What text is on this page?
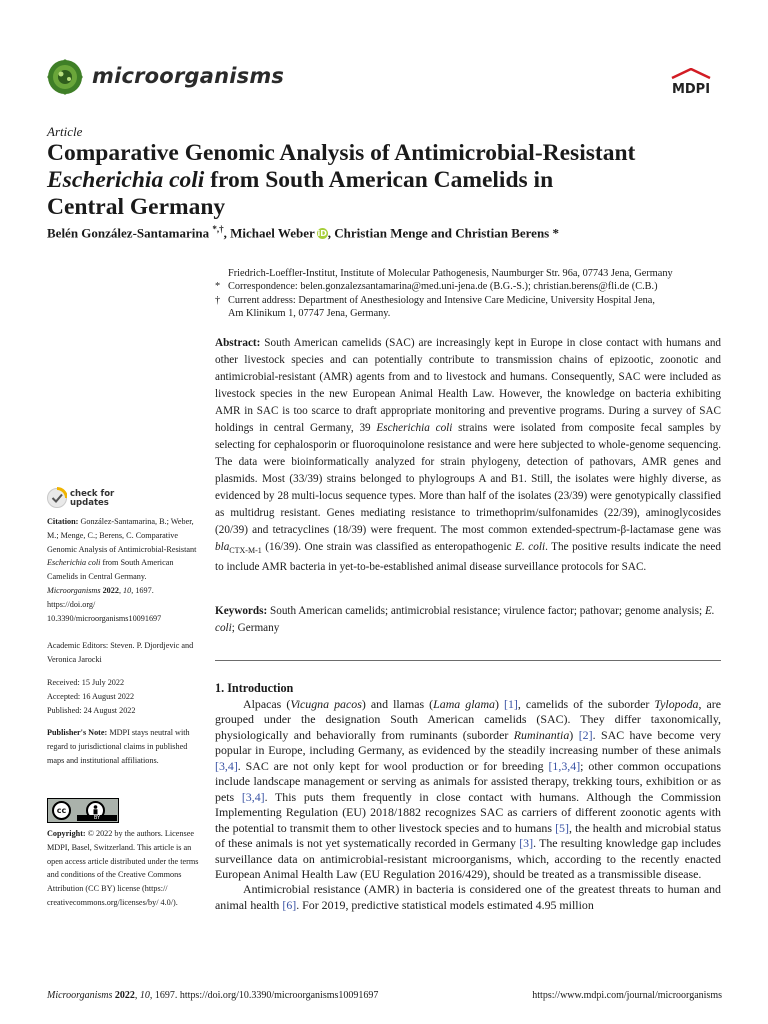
microorganisms
MDPI
Article
Comparative Genomic Analysis of Antimicrobial-Resistant
Escherichia coli from South American Camelids in
Central Germany
Belén González-Santamarina *,†, Michael Weber iD, Christian Menge and Christian Berens *
Friedrich-Loeffler-Institut, Institute of Molecular Pathogenesis, Naumburger Str. 96a, 07743 Jena, Germany
* Correspondence: belen.gonzalezsantamarina@med.uni-jena.de (B.G.-S.); christian.berens@fli.de (C.B.)
† Current address: Department of Anesthesiology and Intensive Care Medicine, University Hospital Jena,
Am Klinikum 1, 07747 Jena, Germany.

Abstract: South American camelids (SAC) are increasingly kept in Europe in close contact with humans and other livestock species and can potentially contribute to transmission chains of epizootic, zoonotic and antimicrobial-resistant (AMR) agents from and to livestock and humans. Consequently, SAC were included as livestock species in the new European Animal Health Law. However, the knowledge on bacteria exhibiting AMR in SAC is too scarce to draft appropriate monitoring and preventive programs. During a survey of SAC holdings in central Germany, 39 Escherichia coli strains were isolated from composite fecal samples by selecting for cephalosporin or fluoroquinolone resistance and were here subjected to whole-genome sequencing. The data were bioinformatically analyzed for strain phylogeny, detection of pathovars, AMR genes and plasmids. Most (33/39) strains belonged to phylogroups A and B1. Still, the isolates were highly diverse, as evidenced by 28 multi-locus sequence types. More than half of the isolates (23/39) were genotypically classified as multidrug resistant. Genes mediating resistance to trimethoprim/sulfonamides (22/39), aminoglycosides (20/39) and tetracyclines (18/39) were frequent. The most common extended-spectrum-β-lactamase gene was bla$_{CTX-M-1}$ (16/39). One strain was classified as enteropathogenic E. coli. The positive results indicate the need to include AMR bacteria in yet-to-be-established animal disease surveillance protocols for SAC.

Keywords: South American camelids; antimicrobial resistance; virulence factor; pathovar; genome analysis; E. coli; Germany

1. Introduction

Alpacas (Vicugna pacos) and llamas (Lama glama) [1], camelids of the suborder Tylopoda, are grouped under the designation South American camelids (SAC). They differ taxonomically, physiologically and behaviorally from ruminants (suborder Ruminantia) [2]. SAC have become very popular in Europe, including Germany, as evidenced by the steadily increasing number of these animals [3,4]. SAC are not only kept for wool production or for breeding [1,3,4]; other common occupations include landscape management or serving as animals for assisted therapy, trekking tours, exhibition or as pets [3,4]. This puts them frequently in close contact with humans. Although the Commission Implementing Regulation (EU) 2018/1882 recognizes SAC as carriers of different zoonotic agents with the potential to transmit them to other livestock species and to humans [5], the health and microbial status of these animals is not yet systematically recorded in Germany [3]. The resulting knowledge gap includes surveillance data on antimicrobial-resistant microorganisms, which, according to the recently enacted European Animal Health Law (EU Regulation 2016/429), should be treated as a transmissible disease.

Antimicrobial resistance (AMR) in bacteria is considered one of the greatest threats to human and animal health [6]. For 2019, predictive statistical models estimated 4.95 million

check for
updates
Citation: González-Santamarina, B.; Weber, M.; Menge, C.; Berens, C. Comparative Genomic Analysis of Antimicrobial-Resistant Escherichia coli from South American Camelids in Central Germany. Microorganisms 2022, 10, 1697. https://doi.org/ 10.3390/microorganisms10091697
Academic Editors: Steven. P. Djordjevic and Veronica Jarocki
Received: 15 July 2022
Accepted: 16 August 2022
Published: 24 August 2022
Publisher's Note: MDPI stays neutral with regard to jurisdictional claims in published maps and institutional affiliations.
cc
BY
Copyright: © 2022 by the authors. Licensee MDPI, Basel, Switzerland. This article is an open access article distributed under the terms and conditions of the Creative Commons Attribution (CC BY) license (https:// creativecommons.org/licenses/by/ 4.0/).
Microorganisms 2022, 10, 1697. https://doi.org/10.3390/microorganisms10091697	https://www.mdpi.com/journal/microorganisms
